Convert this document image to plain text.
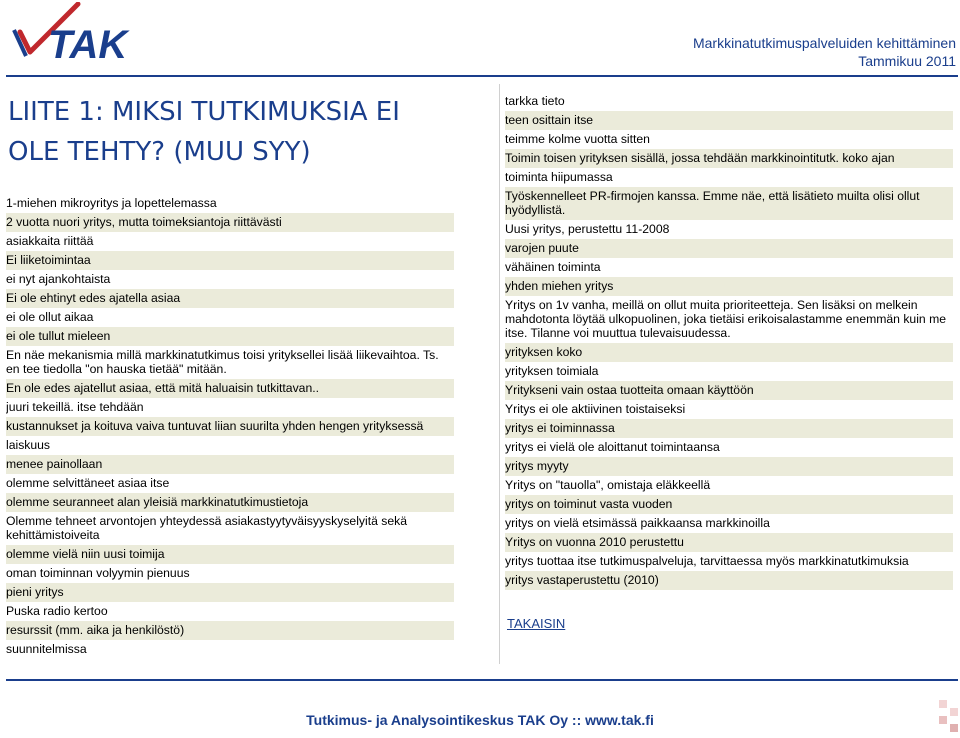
TAK	Markkinatutkimuspalveluiden kehittäminen
Tammikuu 2011
LIITE 1: MIKSI TUTKIMUKSIA EI OLE TEHTY? (MUU SYY)
1-miehen mikroyritys ja lopettelemassa
2 vuotta nuori yritys, mutta toimeksiantoja riittävästi
asiakkaita riittää
Ei liiketoimintaa
ei nyt ajankohtaista
Ei ole ehtinyt edes ajatella asiaa
ei ole ollut aikaa
ei ole tullut mieleen
En näe mekanismia millä markkinatutkimus toisi yrityksellei lisää liikevaihtoa. Ts. en tee tiedolla "on hauska tietää" mitään.
En ole edes ajatellut asiaa, että mitä haluaisin tutkittavan..
juuri tekeillä. itse tehdään
kustannukset ja koituva vaiva tuntuvat liian suurilta yhden hengen yrityksessä
laiskuus
menee painollaan
olemme selvittäneet asiaa itse
olemme seuranneet alan yleisiä markkinatutkimustietoja
Olemme tehneet arvontojen yhteydessä asiakastyytyväisyyskyselyitä sekä kehittämistoiveita
olemme vielä niin uusi toimija
oman toiminnan volyymin pienuus
pieni yritys
Puska radio kertoo
resurssit (mm. aika ja henkilöstö)
suunnitelmissa
tarkka tieto
teen osittain itse
teimme kolme vuotta sitten
Toimin toisen yrityksen sisällä, jossa tehdään markkinointitutk. koko ajan
toiminta hiipumassa
Työskennelleet PR-firmojen kanssa. Emme näe, että lisätieto muilta olisi ollut hyödyllistä.
Uusi yritys, perustettu 11-2008
varojen puute
vähäinen toiminta
yhden miehen yritys
Yritys on 1v vanha, meillä on ollut muita prioriteetteja. Sen lisäksi on melkein mahdotonta löytää ulkopuolinen, joka tietäisi erikoisalastamme enemmän kuin me itse. Tilanne voi muuttua tulevaisuudessa.
yrityksen koko
yrityksen toimiala
Yritykseni vain ostaa tuotteita omaan käyttöön
Yritys ei ole aktiivinen toistaiseksi
yritys ei toiminnassa
yritys ei vielä ole aloittanut toimintaansa
yritys myyty
Yritys on "tauolla", omistaja eläkkeellä
yritys on toiminut vasta vuoden
yritys on vielä etsimässä paikkaansa markkinoilla
Yritys on vuonna 2010 perustettu
yritys tuottaa itse tutkimuspalveluja, tarvittaessa myös markkinatutkimuksia
yritys vastaperustettu (2010)
TAKAISIN
Tutkimus- ja Analysointikeskus TAK Oy :: www.tak.fi
